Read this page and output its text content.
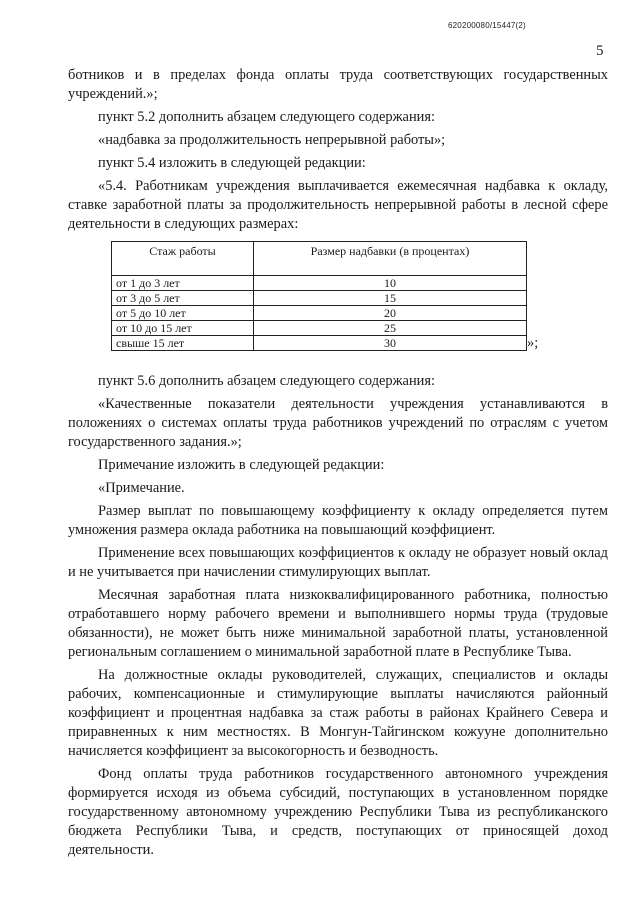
620200080/15447(2)
5

ботников и в пределах фонда оплаты труда соответствующих государственных учреждений.»;

пункт 5.2 дополнить абзацем следующего содержания:

«надбавка за продолжительность непрерывной работы»;

пункт 5.4 изложить в следующей редакции:

«5.4. Работникам учреждения выплачивается ежемесячная надбавка к окладу, ставке заработной платы за продолжительность непрерывной работы в лесной сфере деятельности в следующих размерах:

Стаж работы	Размер надбавки (в процентах)
от 1 до 3 лет	10
от 3 до 5 лет	15
от 5 до 10 лет	20
от 10 до 15 лет	25
свыше 15 лет	30	»;

пункт 5.6 дополнить абзацем следующего содержания:

«Качественные показатели деятельности учреждения устанавливаются в положениях о системах оплаты труда работников учреждений по отраслям с учетом государственного задания.»;

Примечание изложить в следующей редакции:

«Примечание.

Размер выплат по повышающему коэффициенту к окладу определяется путем умножения размера оклада работника на повышающий коэффициент.

Применение всех повышающих коэффициентов к окладу не образует новый оклад и не учитывается при начислении стимулирующих выплат.

Месячная заработная плата низкоквалифицированного работника, полностью отработавшего норму рабочего времени и выполнившего нормы труда (трудовые обязанности), не может быть ниже минимальной заработной платы, установленной региональным соглашением о минимальной заработной плате в Республике Тыва.

На должностные оклады руководителей, служащих, специалистов и оклады рабочих, компенсационные и стимулирующие выплаты начисляются районный коэффициент и процентная надбавка за стаж работы в районах Крайнего Севера и приравненных к ним местностях. В Монгун-Тайгинском кожууне дополнительно начисляется коэффициент за высокогорность и безводность.

Фонд оплаты труда работников государственного автономного учреждения формируется исходя из объема субсидий, поступающих в установленном порядке государственному автономному учреждению Республики Тыва из республиканского бюджета Республики Тыва, и средств, поступающих от приносящей доход деятельности.
